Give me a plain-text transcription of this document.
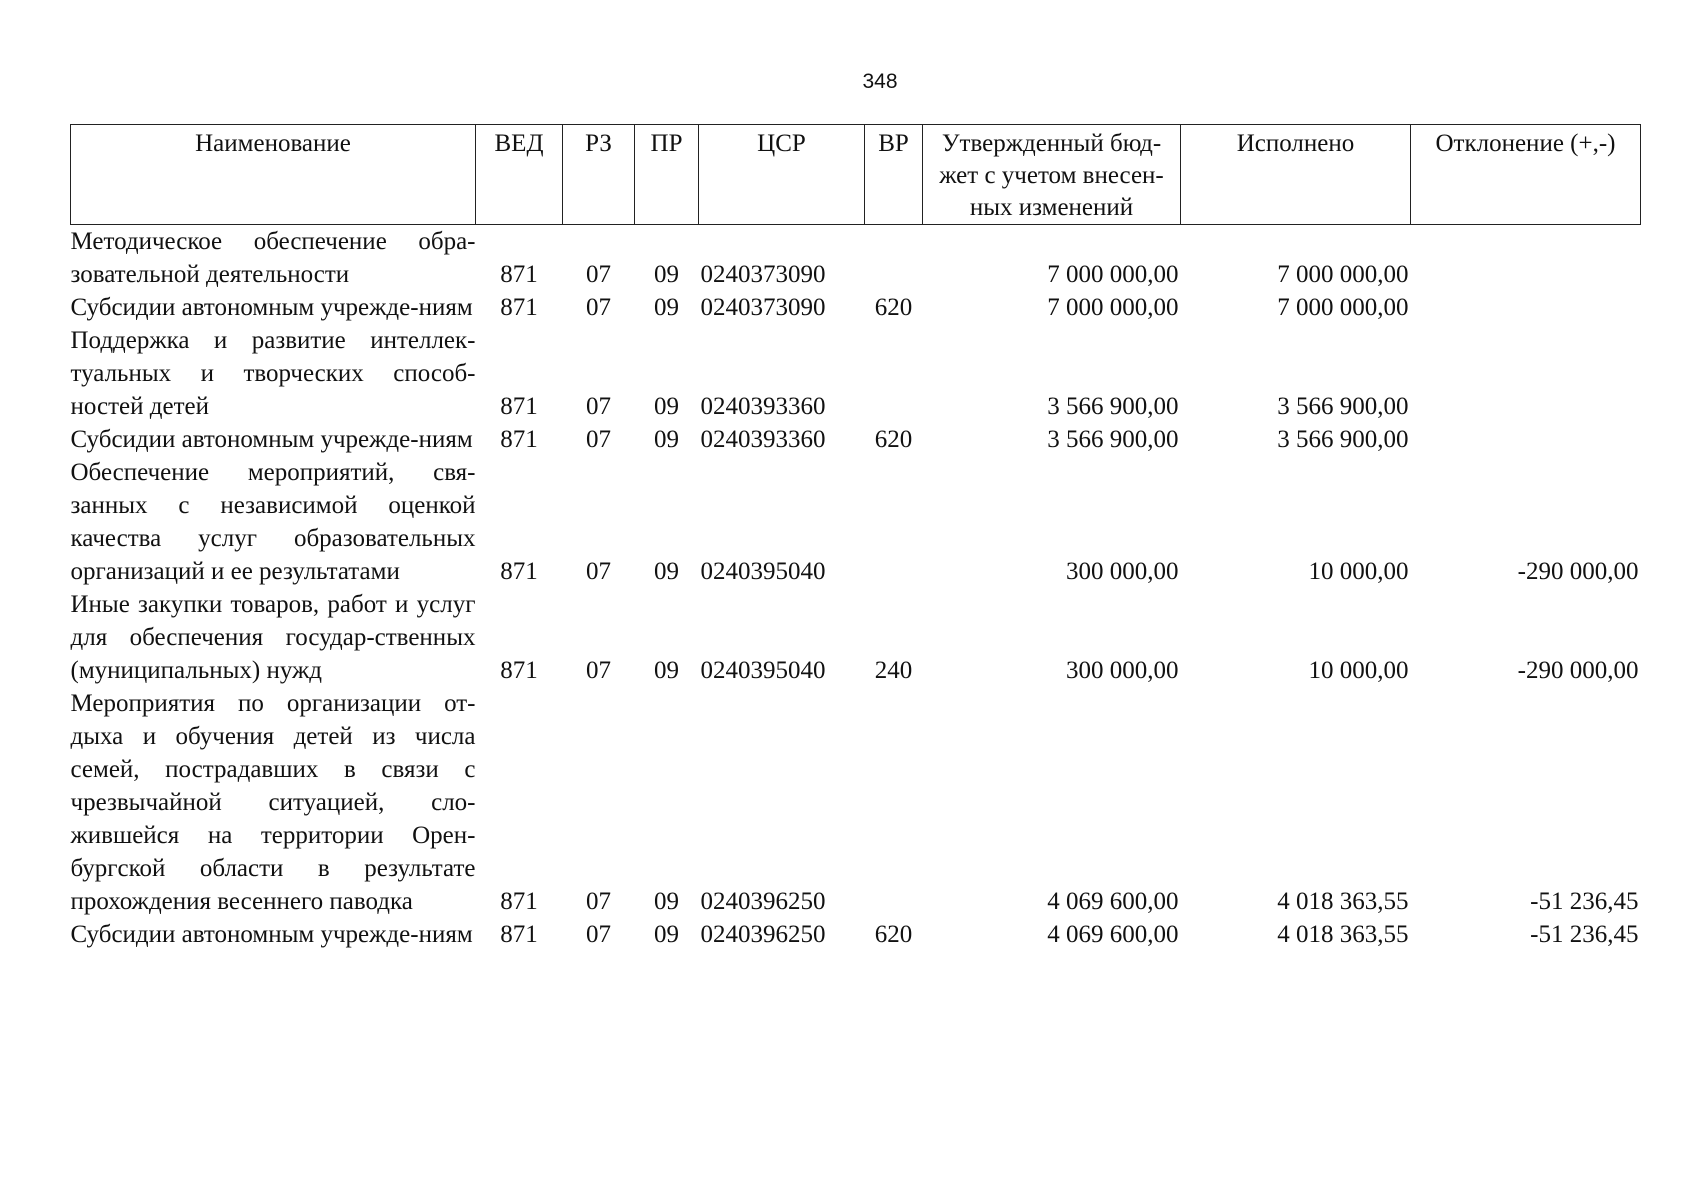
348
Наименование	ВЕД	РЗ	ПР	ЦСР	ВР	Утвержденный бюд-жет с учетом внесен-ных изменений	Исполнено	Отклонение (+,-)
Методическое обеспечение обра-зовательной деятельности	871	07	09	0240373090		7 000 000,00	7 000 000,00	
Субсидии автономным учрежде-ниям	871	07	09	0240373090	620	7 000 000,00	7 000 000,00	
Поддержка и развитие интеллек-туальных и творческих способ-ностей детей	871	07	09	0240393360		3 566 900,00	3 566 900,00	
Субсидии автономным учрежде-ниям	871	07	09	0240393360	620	3 566 900,00	3 566 900,00	
Обеспечение мероприятий, свя-занных с независимой оценкой качества услуг образовательных организаций и ее результатами	871	07	09	0240395040		300 000,00	10 000,00	-290 000,00
Иные закупки товаров, работ и услуг для обеспечения государ-ственных (муниципальных) нужд	871	07	09	0240395040	240	300 000,00	10 000,00	-290 000,00
Мероприятия по организации от-дыха и обучения детей из числа семей, пострадавших в связи с чрезвычайной ситуацией, сло-жившейся на территории Орен-бургской области в результате прохождения весеннего паводка	871	07	09	0240396250		4 069 600,00	4 018 363,55	-51 236,45
Субсидии автономным учрежде-ниям	871	07	09	0240396250	620	4 069 600,00	4 018 363,55	-51 236,45
